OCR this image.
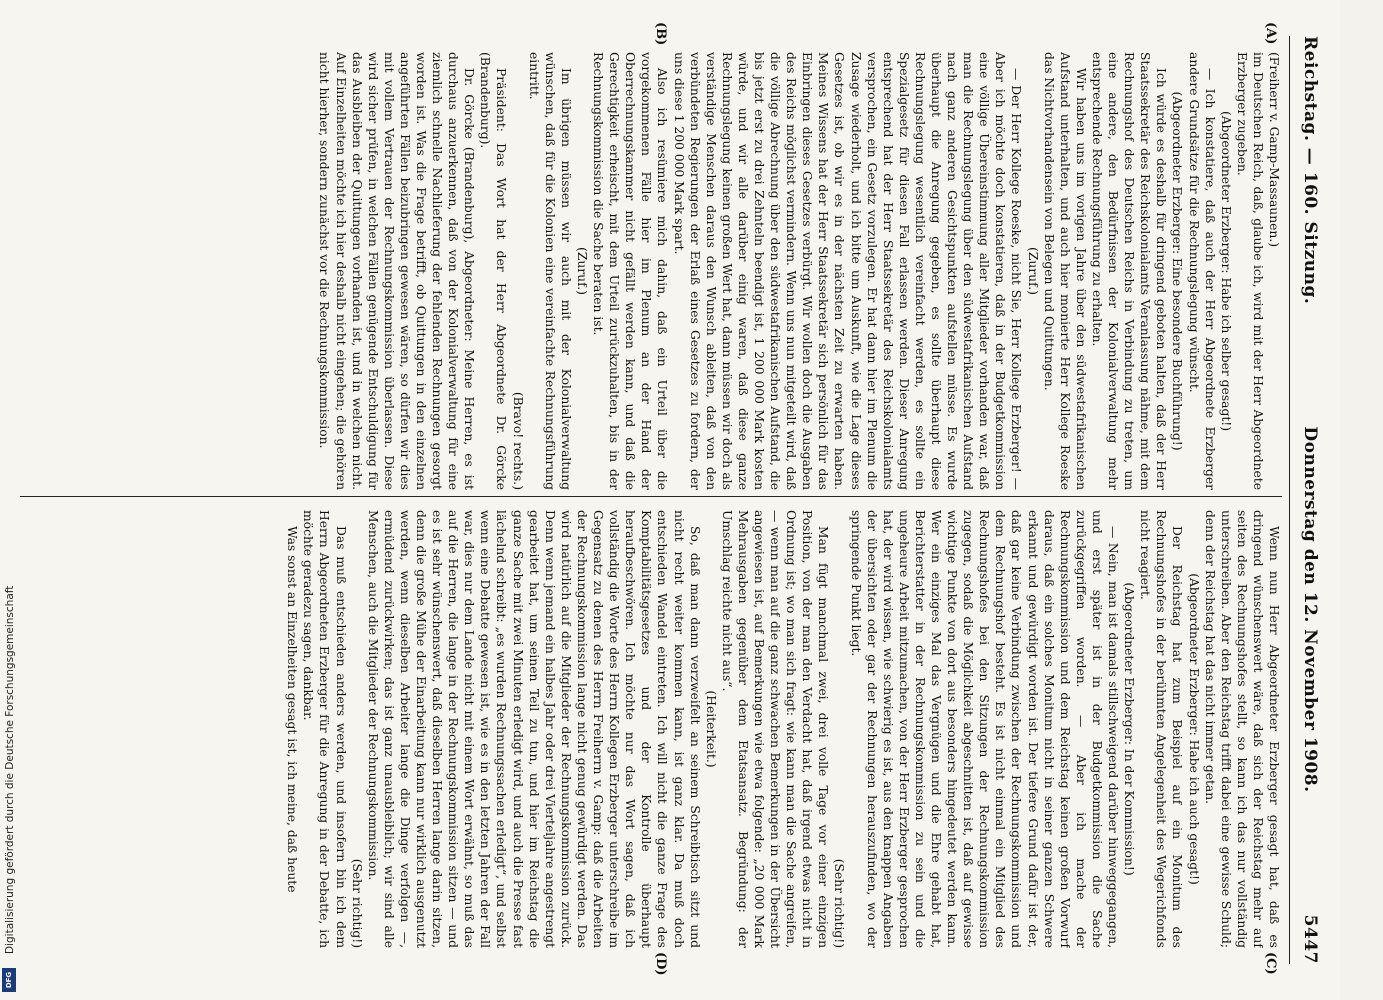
Reichstag. — 160. Sitzung.
Donnerstag den 12. November 1908.
5447
(A)
(B)
(C)
(D)

(Freiherr v. Gamp-Massaunen.)

im Deutschen Reich, daß, glaube ich, wird mit der Herr Abgeordnete Erzberger zugeben.

(Abgeordneter Erzberger: Habe ich selber gesagt!)

— Ich konstatiere, daß auch der Herr Abgeordnete Erzberger andere Grundsätze für die Rechnungslegung wünscht.

(Abgeordneter Erzberger: Eine besondere Buchführung!)

Ich würde es deshalb für dringend geboten halten, daß der Herr Staatssekretär des Reichskolonialamts Veranlassung nähme, mit dem Rechnungshof des Deutschen Reichs in Verbindung zu treten, um eine andere, den Bedürfnissen der Kolonialverwaltung mehr entsprechende Rechnungsführung zu erhalten.

Wir haben uns im vorigen Jahre über den südwestafrikanischen Aufstand unterhalten, und auch hier monierte Herr Kollege Roeske das Nichtvorhandensein von Belegen und Quittungen.

(Zuruf.)

— Der Herr Kollege Roeske, nicht Sie, Herr Kollege Erzberger! — Aber ich möchte doch konstatieren, daß in der Budgetkommission eine völlige Übereinstimmung aller Mitglieder vorhanden war, daß man die Rechnungslegung über den südwestafrikanischen Aufstand nach ganz anderen Gesichtspunkten aufstellen müsse. Es wurde überhaupt die Anregung gegeben, es sollte überhaupt diese Rechnungslegung wesentlich vereinfacht werden, es sollte ein Spezialgesetz für diesen Fall erlassen werden. Dieser Anregung entsprechend hat der Herr Staatssekretär des Reichskolonialamts versprochen, ein Gesetz vorzulegen. Er hat dann hier im Plenum die Zusage wiederholt, und ich bitte um Auskunft, wie die Lage dieses Gesetzes ist, ob wir es in der nächsten Zeit zu erwarten haben. Meines Wissens hat der Herr Staatssekretär sich persönlich für das Einbringen dieses Gesetzes verbürgt. Wir wollen doch die Ausgaben des Reichs möglichst vermindern. Wenn uns nun mitgeteilt wird, daß die völlige Abrechnung über den südwestafrikanischen Aufstand, die bis jetzt erst zu drei Zehnteln beendigt ist, 1 200 000 Mark kosten würde, und wir alle darüber einig waren, daß diese ganze Rechnungslegung keinen großen Wert hat, dann müssen wir doch als verständige Menschen daraus den Wunsch ableiten, daß von den verbündeten Regierungen der Erlaß eines Gesetzes zu fordern, der uns diese 1 200 000 Mark spart.

Also ich resümiere mich dahin, daß ein Urteil über die vorgekommenen Fälle hier im Plenum an der Hand der Oberrechnungskammer nicht gefällt werden kann, und daß die Gerechtigkeit erheischt, mit dem Urteil zurückzuhalten, bis in der Rechnungskommission die Sache beraten ist.

(Zuruf.)

Im übrigen müssen wir auch mit der Kolonialverwaltung wünschen, daß für die Kolonien eine vereinfachte Rechnungsführung eintritt.

(Bravo! rechts.)

Präsident: Das Wort hat der Herr Abgeordnete Dr. Görcke (Brandenburg).

Dr. Görcke (Brandenburg), Abgeordneter: Meine Herren, es ist durchaus anzuerkennen, daß von der Kolonialverwaltung für eine ziemlich schnelle Nachlieferung der fehlenden Rechnungen gesorgt worden ist. Was die Frage betrifft, ob Quittungen in den einzelnen angeführten Fällen beizubringen gewesen wären, so dürfen wir dies mit vollem Vertrauen der Rechnungskommission überlassen. Diese wird sicher prüfen, in welchen Fällen genügende Entschuldigung für das Ausbleiben der Quittungen vorhanden ist, und in welchen nicht. Auf Einzelheiten möchte ich hier deshalb nicht eingehen; die gehören nicht hierher, sondern zunächst vor die Rechnungskommission.

Wenn nun Herr Abgeordneter Erzberger gesagt hat, daß es dringend wünschenswert wäre, daß sich der Reichstag mehr auf seiten des Rechnungshofes stellt, so kann ich das nur vollständig unterschreiben. Aber den Reichstag trifft dabei eine gewisse Schuld; denn der Reichstag hat das nicht immer getan.

(Abgeordneter Erzberger: Habe ich auch gesagt!)

Der Reichstag hat zum Beispiel auf ein Monitum des Rechnungshofes in der berühmten Angelegenheit des Wegerichfonds nicht reagiert.

(Abgeordneter Erzberger: In der Kommission!)

— Nein, man ist damals stillschweigend darüber hinweggegangen, und erst später ist in der Budgetkommission die Sache zurückgegriffen worden. — Aber ich mache der Rechnungskommission und dem Reichstag keinen großen Vorwurf daraus, daß ein solches Monitum nicht in seiner ganzen Schwere erkannt und gewürdigt worden ist. Der tiefere Grund dafür ist der, daß gar keine Verbindung zwischen der Rechnungskommission und dem Rechnungshof besteht. Es ist nicht einmal ein Mitglied des Rechnungshofes bei den Sitzungen der Rechnungskommission zugegen, sodaß die Möglichkeit abgeschnitten ist, daß auf gewisse wichtige Punkte von dort aus besonders hingedeutet werden kann. Wer ein einziges Mal das Vergnügen und die Ehre gehabt hat, Berichterstatter in der Rechnungskommission zu sein und die ungeheure Arbeit mitzumachen, von der Herr Erzberger gesprochen hat, der wird wissen, wie schwierig es ist, aus den knappen Angaben der übersichten oder gar der Rechnungen herauszufinden, wo der springende Punkt liegt.

(Sehr richtig!)

Man fügt manchmal zwei, drei volle Tage vor einer einzigen Position, von der man den Verdacht hat, daß irgend etwas nicht in Ordnung ist; wo man sich fragt: wie kann man die Sache angreifen, — wenn man auf die ganz schwachen Bemerkungen in der Übersicht angewiesen ist, auf Bemerkungen wie etwa folgende: „20 000 Mark Mehrausgaben gegenüber dem Etatsansatz. Begründung: der Umschlag reichte nicht aus“.

(Heiterkeit.)

So, daß man dann verzweifelt an seinem Schreibtisch sitzt und nicht recht weiter kommen kann, ist ganz klar. Da muß doch entschieden Wandel eintreten. Ich will nicht die ganze Frage des Komptabilitätsgesetzes und der Kontrolle überhaupt heraufbeschwören. Ich möchte nur das Wort sagen, daß ich vollständig die Worte des Herrn Kollegen Erzberger unterschreibe im Gegensatz zu denen des Herrn Freiherrn v. Gamp: daß die Arbeiten der Rechnungskommission lange nicht genug gewürdigt werden. Das wird natürlich auf die Mitglieder der Rechnungskommission zurück. Denn wenn jemand ein halbes Jahr oder drei Vierteljahre angestrengt gearbeitet hat, um seinen Teil zu tun, und hier im Reichstag die ganze Sache mit zwei Minuten erledigt wird, und auch die Presse fast lächelnd schreibt: „es wurden Rechnungssachen erledigt“, und selbst wenn eine Debatte gewesen ist, wie es in den letzten Jahren der Fall war, dies nur dem Lande nicht mit einem Wort erwähnt, so muß das auf die Herren, die lange in der Rechnungskommission sitzen — und es ist sehr wünschenswert, daß dieselben Herren lange darin sitzen, denn die große Mühe der Einarbeitung kann nur wirklich ausgenutzt werden, wenn dieselben Arbeiter lange die Dinge verfolgen —, ermüdend zurückwirken; das ist ganz unausbleiblich; wir sind alle Menschen, auch die Mitglieder der Rechnungskommission.

(Sehr richtig!)

Das muß entschieden anders werden, und insofern bin ich dem Herrn Abgeordneten Erzberger für die Anregung in der Debatte, ich möchte geradezu sagen, dankbar.

Was sonst an Einzelheiten gesagt ist, ich meine, daß heute

Digitalisierung gefördert durch die Deutsche Forschungsgemeinschaft
DFG
